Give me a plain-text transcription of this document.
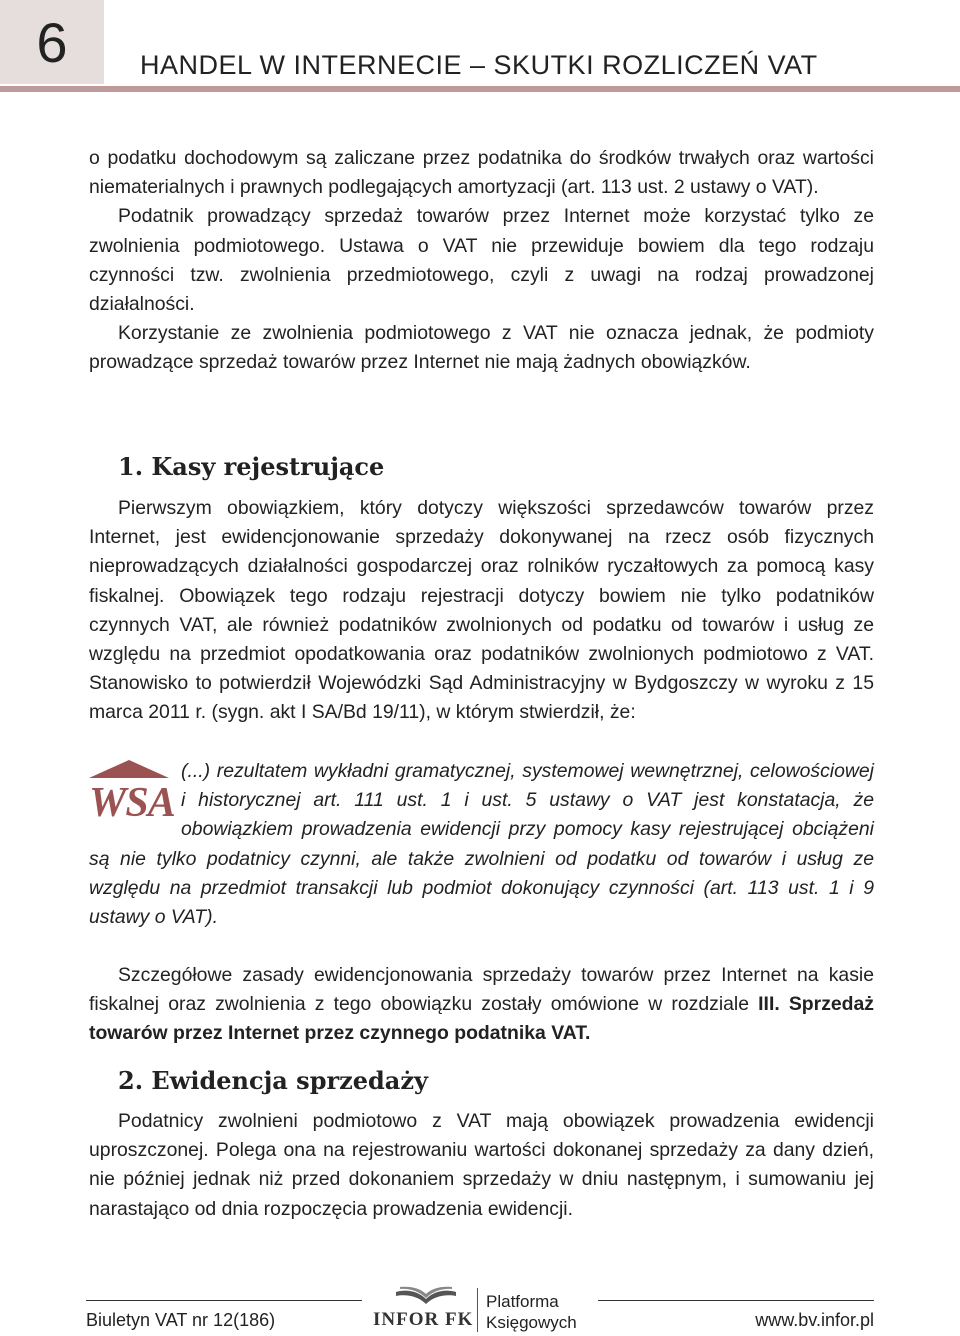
6	HANDEL W INTERNECIE – SKUTKI ROZLICZEŃ VAT

o podatku dochodowym są zaliczane przez podatnika do środków trwałych oraz wartości niematerialnych i prawnych podlegających amortyzacji (art. 113 ust. 2 ustawy o VAT).

Podatnik prowadzący sprzedaż towarów przez Internet może korzystać tylko ze zwolnienia podmiotowego. Ustawa o VAT nie przewiduje bowiem dla tego rodzaju czynności tzw. zwolnienia przedmiotowego, czyli z uwagi na rodzaj prowadzonej działalności.

Korzystanie ze zwolnienia podmiotowego z VAT nie oznacza jednak, że podmioty prowadzące sprzedaż towarów przez Internet nie mają żadnych obowiązków.

1. Kasy rejestrujące

Pierwszym obowiązkiem, który dotyczy większości sprzedawców towarów przez Internet, jest ewidencjonowanie sprzedaży dokonywanej na rzecz osób fizycznych nieprowadzących działalności gospodarczej oraz rolników ryczałtowych za pomocą kasy fiskalnej. Obowiązek tego rodzaju rejestracji dotyczy bowiem nie tylko podatników czynnych VAT, ale również podatników zwolnionych od podatku od towarów i usług ze względu na przedmiot opodatkowania oraz podatników zwolnionych podmiotowo z VAT. Stanowisko to potwierdził Wojewódzki Sąd Administracyjny w Bydgoszczy w wyroku z 15 marca 2011 r. (sygn. akt I SA/Bd 19/11), w którym stwierdził, że:

WSA
(...) rezultatem wykładni gramatycznej, systemowej wewnętrznej, celowościowej i historycznej art. 111 ust. 1 i ust. 5 ustawy o VAT jest konstatacja, że obowiązkiem prowadzenia ewidencji przy pomocy kasy rejestrującej obciążeni są nie tylko podatnicy czynni, ale także zwolnieni od podatku od towarów i usług ze względu na przedmiot transakcji lub podmiot dokonujący czynności (art. 113 ust. 1 i 9 ustawy o VAT).

Szczegółowe zasady ewidencjonowania sprzedaży towarów przez Internet na kasie fiskalnej oraz zwolnienia z tego obowiązku zostały omówione w rozdziale III. Sprzedaż towarów przez Internet przez czynnego podatnika VAT.

2. Ewidencja sprzedaży

Podatnicy zwolnieni podmiotowo z VAT mają obowiązek prowadzenia ewidencji uproszczonej. Polega ona na rejestrowaniu wartości dokonanej sprzedaży za dany dzień, nie później jednak niż przed dokonaniem sprzedaży w dniu następnym, i sumowaniu jej narastająco od dnia rozpoczęcia prowadzenia ewidencji.

Biuletyn VAT nr 12(186)	INFOR FK
Platforma
Księgowych	www.bv.infor.pl
